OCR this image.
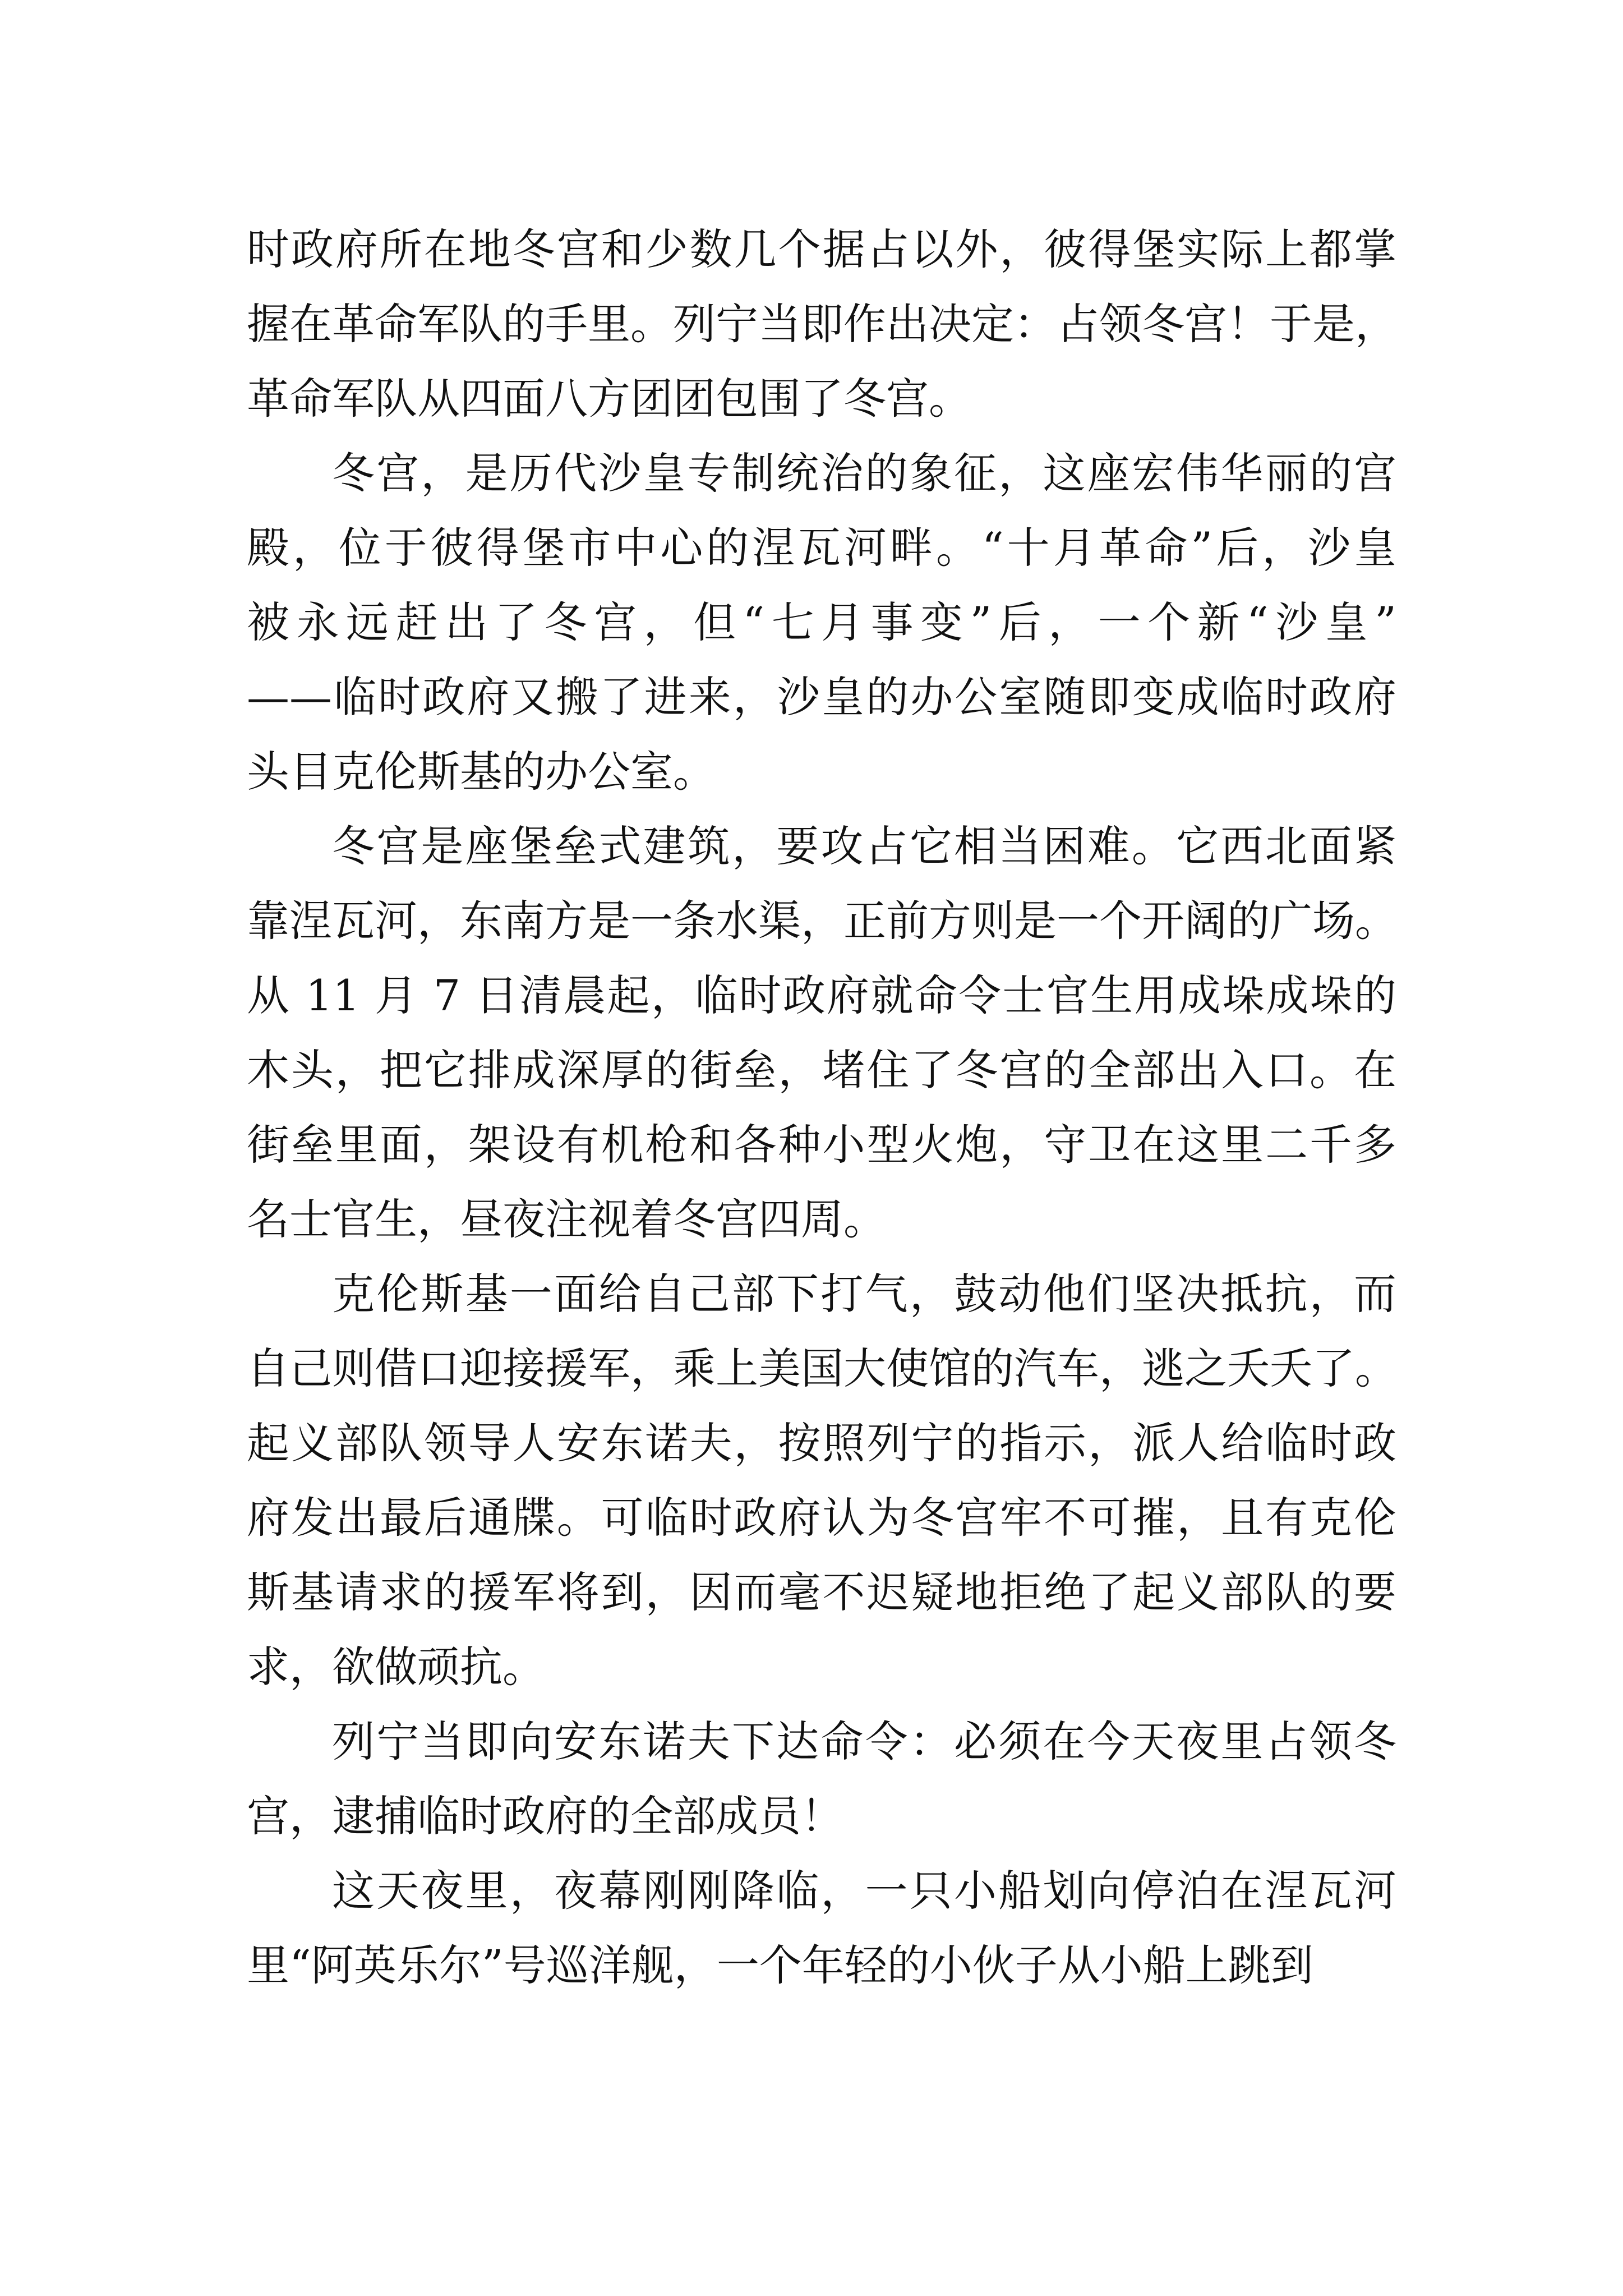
时政府所在地冬宫和少数几个据占以外，彼得堡实际上都掌
握在革命军队的手里。列宁当即作出决定：占领冬宫！于是，
革命军队从四面八方团团包围了冬宫。
冬宫，是历代沙皇专制统治的象征，这座宏伟华丽的宫
殿，位于彼得堡市中心的涅瓦河畔。“十月革命”后，沙皇
被永远赶出了冬宫，但“七月事变”后，一个新“沙皇”
——临时政府又搬了进来，沙皇的办公室随即变成临时政府
头目克伦斯基的办公室。
冬宫是座堡垒式建筑，要攻占它相当困难。它西北面紧
靠涅瓦河，东南方是一条水渠，正前方则是一个开阔的广场。
从 11 月 7 日清晨起，临时政府就命令士官生用成垛成垛的
木头，把它排成深厚的街垒，堵住了冬宫的全部出入口。在
街垒里面，架设有机枪和各种小型火炮，守卫在这里二千多
名士官生，昼夜注视着冬宫四周。
克伦斯基一面给自己部下打气，鼓动他们坚决抵抗，而
自己则借口迎接援军，乘上美国大使馆的汽车，逃之夭夭了。
起义部队领导人安东诺夫，按照列宁的指示，派人给临时政
府发出最后通牒。可临时政府认为冬宫牢不可摧，且有克伦
斯基请求的援军将到，因而毫不迟疑地拒绝了起义部队的要
求，欲做顽抗。
列宁当即向安东诺夫下达命令：必须在今天夜里占领冬
宫，逮捕临时政府的全部成员！
这天夜里，夜幕刚刚降临，一只小船划向停泊在涅瓦河
里“阿英乐尔”号巡洋舰，一个年轻的小伙子从小船上跳到
